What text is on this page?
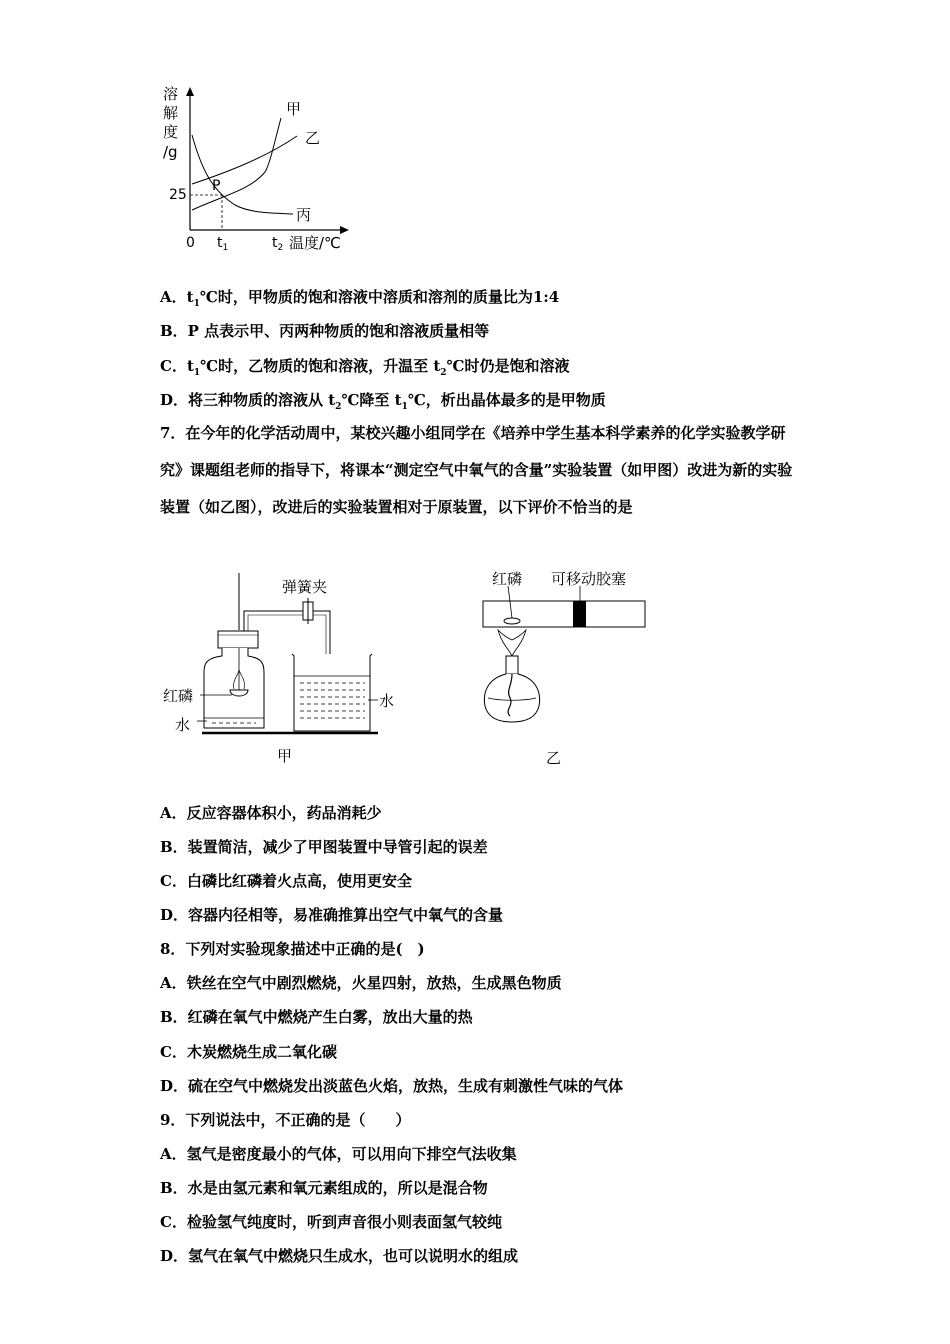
溶
解
度
/g
25
0 $t_1$	$t_2$ 温度/℃
P
甲
乙
丙
A．$t_1℃$时，甲物质的饱和溶液中溶质和溶剂的质量比为1:4
B．P 点表示甲、丙两种物质的饱和溶液质量相等
C．$t_1℃$时，乙物质的饱和溶液，升温至 $t_2℃$时仍是饱和溶液
D．将三种物质的溶液从 $t_2℃$降至 $t_1℃$，析出晶体最多的是甲物质
7．在今年的化学活动周中，某校兴趣小组同学在《培养中学生基本科学素养的化学实验教学研究》课题组老师的指导下，将课本“测定空气中氧气的含量”实验装置（如甲图）改进为新的实验装置（如乙图），改进后的实验装置相对于原装置，以下评价不恰当的是
弹簧夹
红磷
水
水
甲
红磷 可移动胶塞
乙
A．反应容器体积小，药品消耗少
B．装置简洁，减少了甲图装置中导管引起的误差
C．白磷比红磷着火点高，使用更安全
D．容器内径相等，易准确推算出空气中氧气的含量
8．下列对实验现象描述中正确的是(　)
A．铁丝在空气中剧烈燃烧，火星四射，放热，生成黑色物质
B．红磷在氧气中燃烧产生白雾，放出大量的热
C．木炭燃烧生成二氧化碳
D．硫在空气中燃烧发出淡蓝色火焰，放热，生成有刺激性气味的气体
9．下列说法中，不正确的是（　　）
A．氢气是密度最小的气体，可以用向下排空气法收集
B．水是由氢元素和氧元素组成的，所以是混合物
C．检验氢气纯度时，听到声音很小则表面氢气较纯
D．氢气在氧气中燃烧只生成水，也可以说明水的组成
